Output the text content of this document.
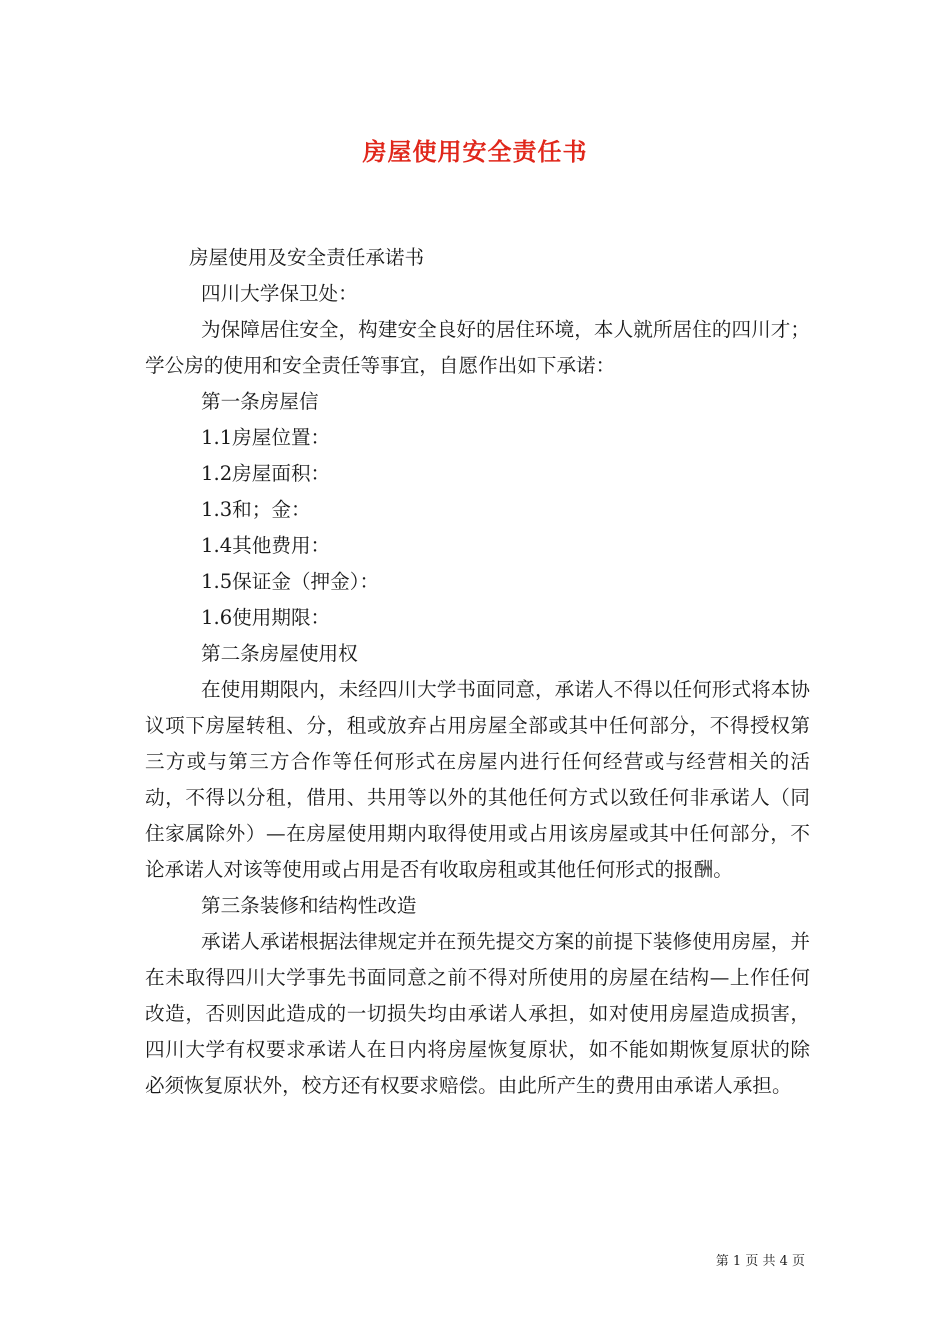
房屋使用安全责任书

房屋使用及安全责任承诺书

四川大学保卫处：

为保障居住安全，构建安全良好的居住环境，本人就所居住的四川才；学公房的使用和安全责任等事宜，自愿作出如下承诺：

第一条房屋信

1.1房屋位置：

1.2房屋面积：

1.3和；金：

1.4其他费用：

1.5保证金（押金）：

1.6使用期限：

第二条房屋使用权

在使用期限内，未经四川大学书面同意，承诺人不得以任何形式将本协议项下房屋转租、分，租或放弃占用房屋全部或其中任何部分，不得授权第三方或与第三方合作等任何形式在房屋内进行任何经营或与经营相关的活动，不得以分租，借用、共用等以外的其他任何方式以致任何非承诺人（同住家属除外）—在房屋使用期内取得使用或占用该房屋或其中任何部分，不论承诺人对该等使用或占用是否有收取房租或其他任何形式的报酬。

第三条装修和结构性改造

承诺人承诺根据法律规定并在预先提交方案的前提下装修使用房屋，并在未取得四川大学事先书面同意之前不得对所使用的房屋在结构—上作任何改造，否则因此造成的一切损失均由承诺人承担，如对使用房屋造成损害，四川大学有权要求承诺人在日内将房屋恢复原状，如不能如期恢复原状的除必须恢复原状外，校方还有权要求赔偿。由此所产生的费用由承诺人承担。

第 1 页 共 4 页
